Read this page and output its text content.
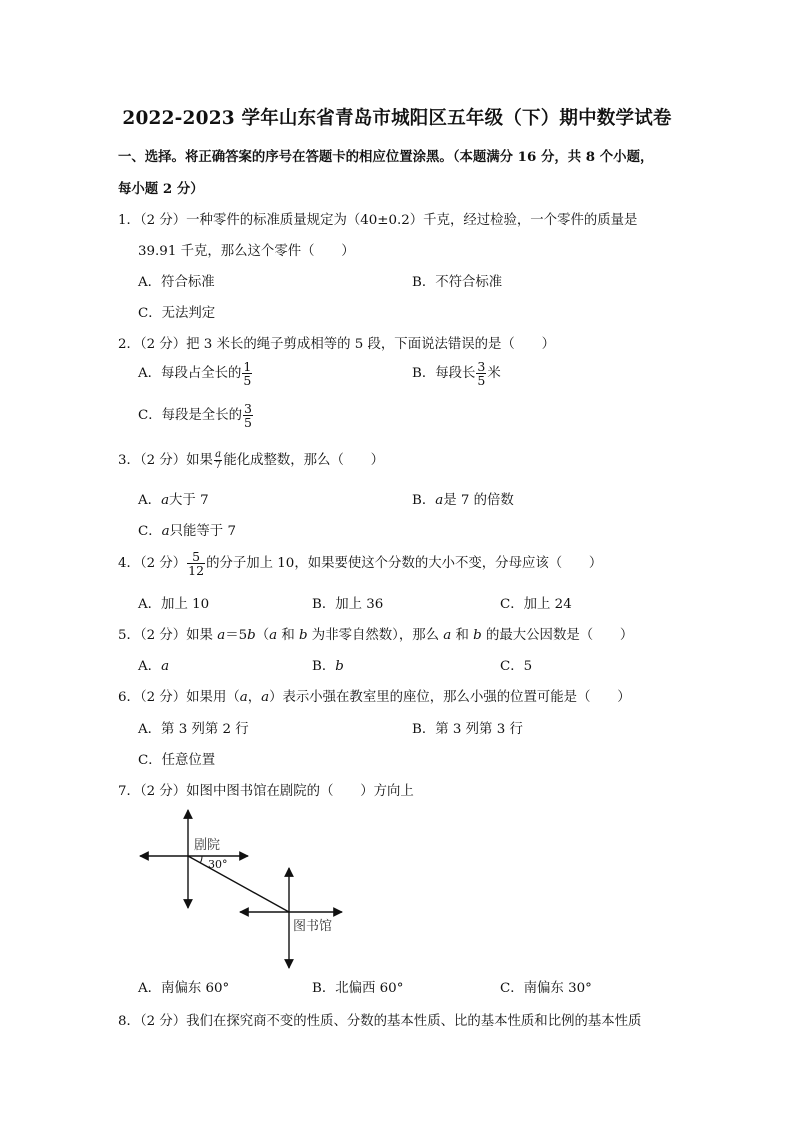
2022-2023 学年山东省青岛市城阳区五年级（下）期中数学试卷
一、选择。将正确答案的序号在答题卡的相应位置涂黑。（本题满分 16 分，共 8 个小题，
每小题 2 分）
1．（2 分）一种零件的标准质量规定为（40±0.2）千克，经过检验，一个零件的质量是
39.91 千克，那么这个零件（　　）
A．符合标准	B．不符合标准
C．无法判定
2．（2 分）把 3 米长的绳子剪成相等的 5 段，下面说法错误的是（　　）
A．每段占全长的 $\frac{1}{5}$	B．每段长 $\frac{3}{5}$ 米
C．每段是全长的 $\frac{3}{5}$
3．（2 分）如果 $\frac{a}{7}$ 能化成整数，那么（　　）
A．a大于 7	B．a是 7 的倍数
C．a只能等于 7
4．（2 分） $\frac{5}{12}$ 的分子加上 10，如果要使这个分数的大小不变，分母应该（　　）
A．加上 10	B．加上 36	C．加上 24
5．（2 分）如果 a＝5b（a 和 b 为非零自然数），那么 a 和 b 的最大公因数是（　　）
A．a	B．b	C．5
6．（2 分）如果用（a，a）表示小强在教室里的座位，那么小强的位置可能是（　　）
A．第 3 列第 2 行	B．第 3 列第 3 行
C．任意位置
7．（2 分）如图中图书馆在剧院的（　　）方向上
剧院
30°
图书馆
A．南偏东 60°	B．北偏西 60°	C．南偏东 30°
8．（2 分）我们在探究商不变的性质、分数的基本性质、比的基本性质和比例的基本性质
